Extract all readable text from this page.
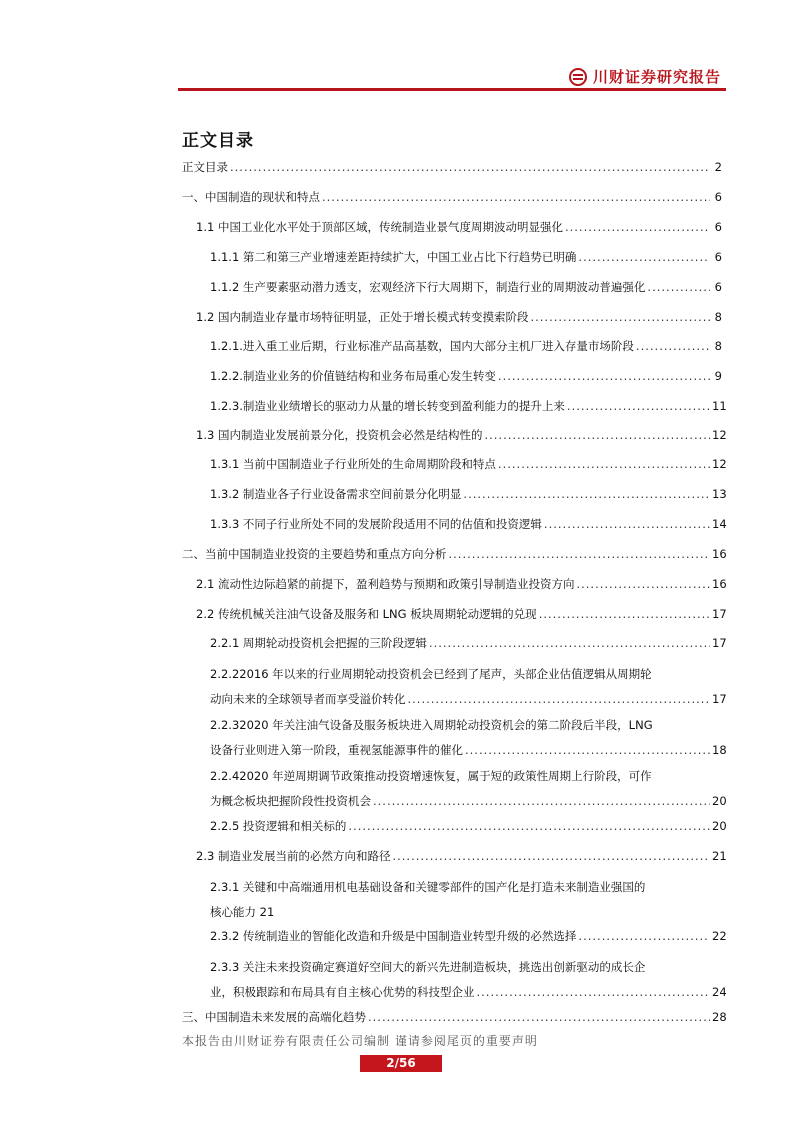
川财证券研究报告
正文目录
正文目录 .....	2
一、中国制造的现状和特点 .....	6
1.1 中国工业化水平处于顶部区域，传统制造业景气度周期波动明显强化 .....	6
1.1.1 第二和第三产业增速差距持续扩大，中国工业占比下行趋势已明确 .....	6
1.1.2 生产要素驱动潜力透支，宏观经济下行大周期下，制造行业的周期波动普遍强化 .....	6
1.2 国内制造业存量市场特征明显，正处于增长模式转变摸索阶段 .....	8
1.2.1.进入重工业后期，行业标准产品高基数，国内大部分主机厂进入存量市场阶段 .....	8
1.2.2.制造业业务的价值链结构和业务布局重心发生转变 .....	9
1.2.3.制造业业绩增长的驱动力从量的增长转变到盈利能力的提升上来 .....	11
1.3 国内制造业发展前景分化，投资机会必然是结构性的 .....	12
1.3.1 当前中国制造业子行业所处的生命周期阶段和特点 .....	12
1.3.2 制造业各子行业设备需求空间前景分化明显 .....	13
1.3.3 不同子行业所处不同的发展阶段适用不同的估值和投资逻辑 .....	14
二、当前中国制造业投资的主要趋势和重点方向分析 .....	16
2.1 流动性边际趋紧的前提下，盈利趋势与预期和政策引导制造业投资方向 .....	16
2.2 传统机械关注油气设备及服务和 LNG 板块周期轮动逻辑的兑现 .....	17
2.2.1 周期轮动投资机会把握的三阶段逻辑 .....	17
2.2.22016 年以来的行业周期轮动投资机会已经到了尾声，头部企业估值逻辑从周期轮
动向未来的全球领导者而享受溢价转化 .....	17
2.2.32020 年关注油气设备及服务板块进入周期轮动投资机会的第二阶段后半段，LNG
设备行业则进入第一阶段，重视氢能源事件的催化 .....	18
2.2.42020 年逆周期调节政策推动投资增速恢复，属于短的政策性周期上行阶段，可作
为概念板块把握阶段性投资机会 .....	20
2.2.5 投资逻辑和相关标的 .....	20
2.3 制造业发展当前的必然方向和路径 .....	21
2.3.1 关键和中高端通用机电基础设备和关键零部件的国产化是打造未来制造业强国的
核心能力 21
2.3.2 传统制造业的智能化改造和升级是中国制造业转型升级的必然选择 .....	22
2.3.3 关注未来投资确定赛道好空间大的新兴先进制造板块，挑选出创新驱动的成长企
业，积极跟踪和布局具有自主核心优势的科技型企业 .....	24
三、中国制造未来发展的高端化趋势 .....	28
本报告由川财证券有限责任公司编制 谨请参阅尾页的重要声明
2/56
